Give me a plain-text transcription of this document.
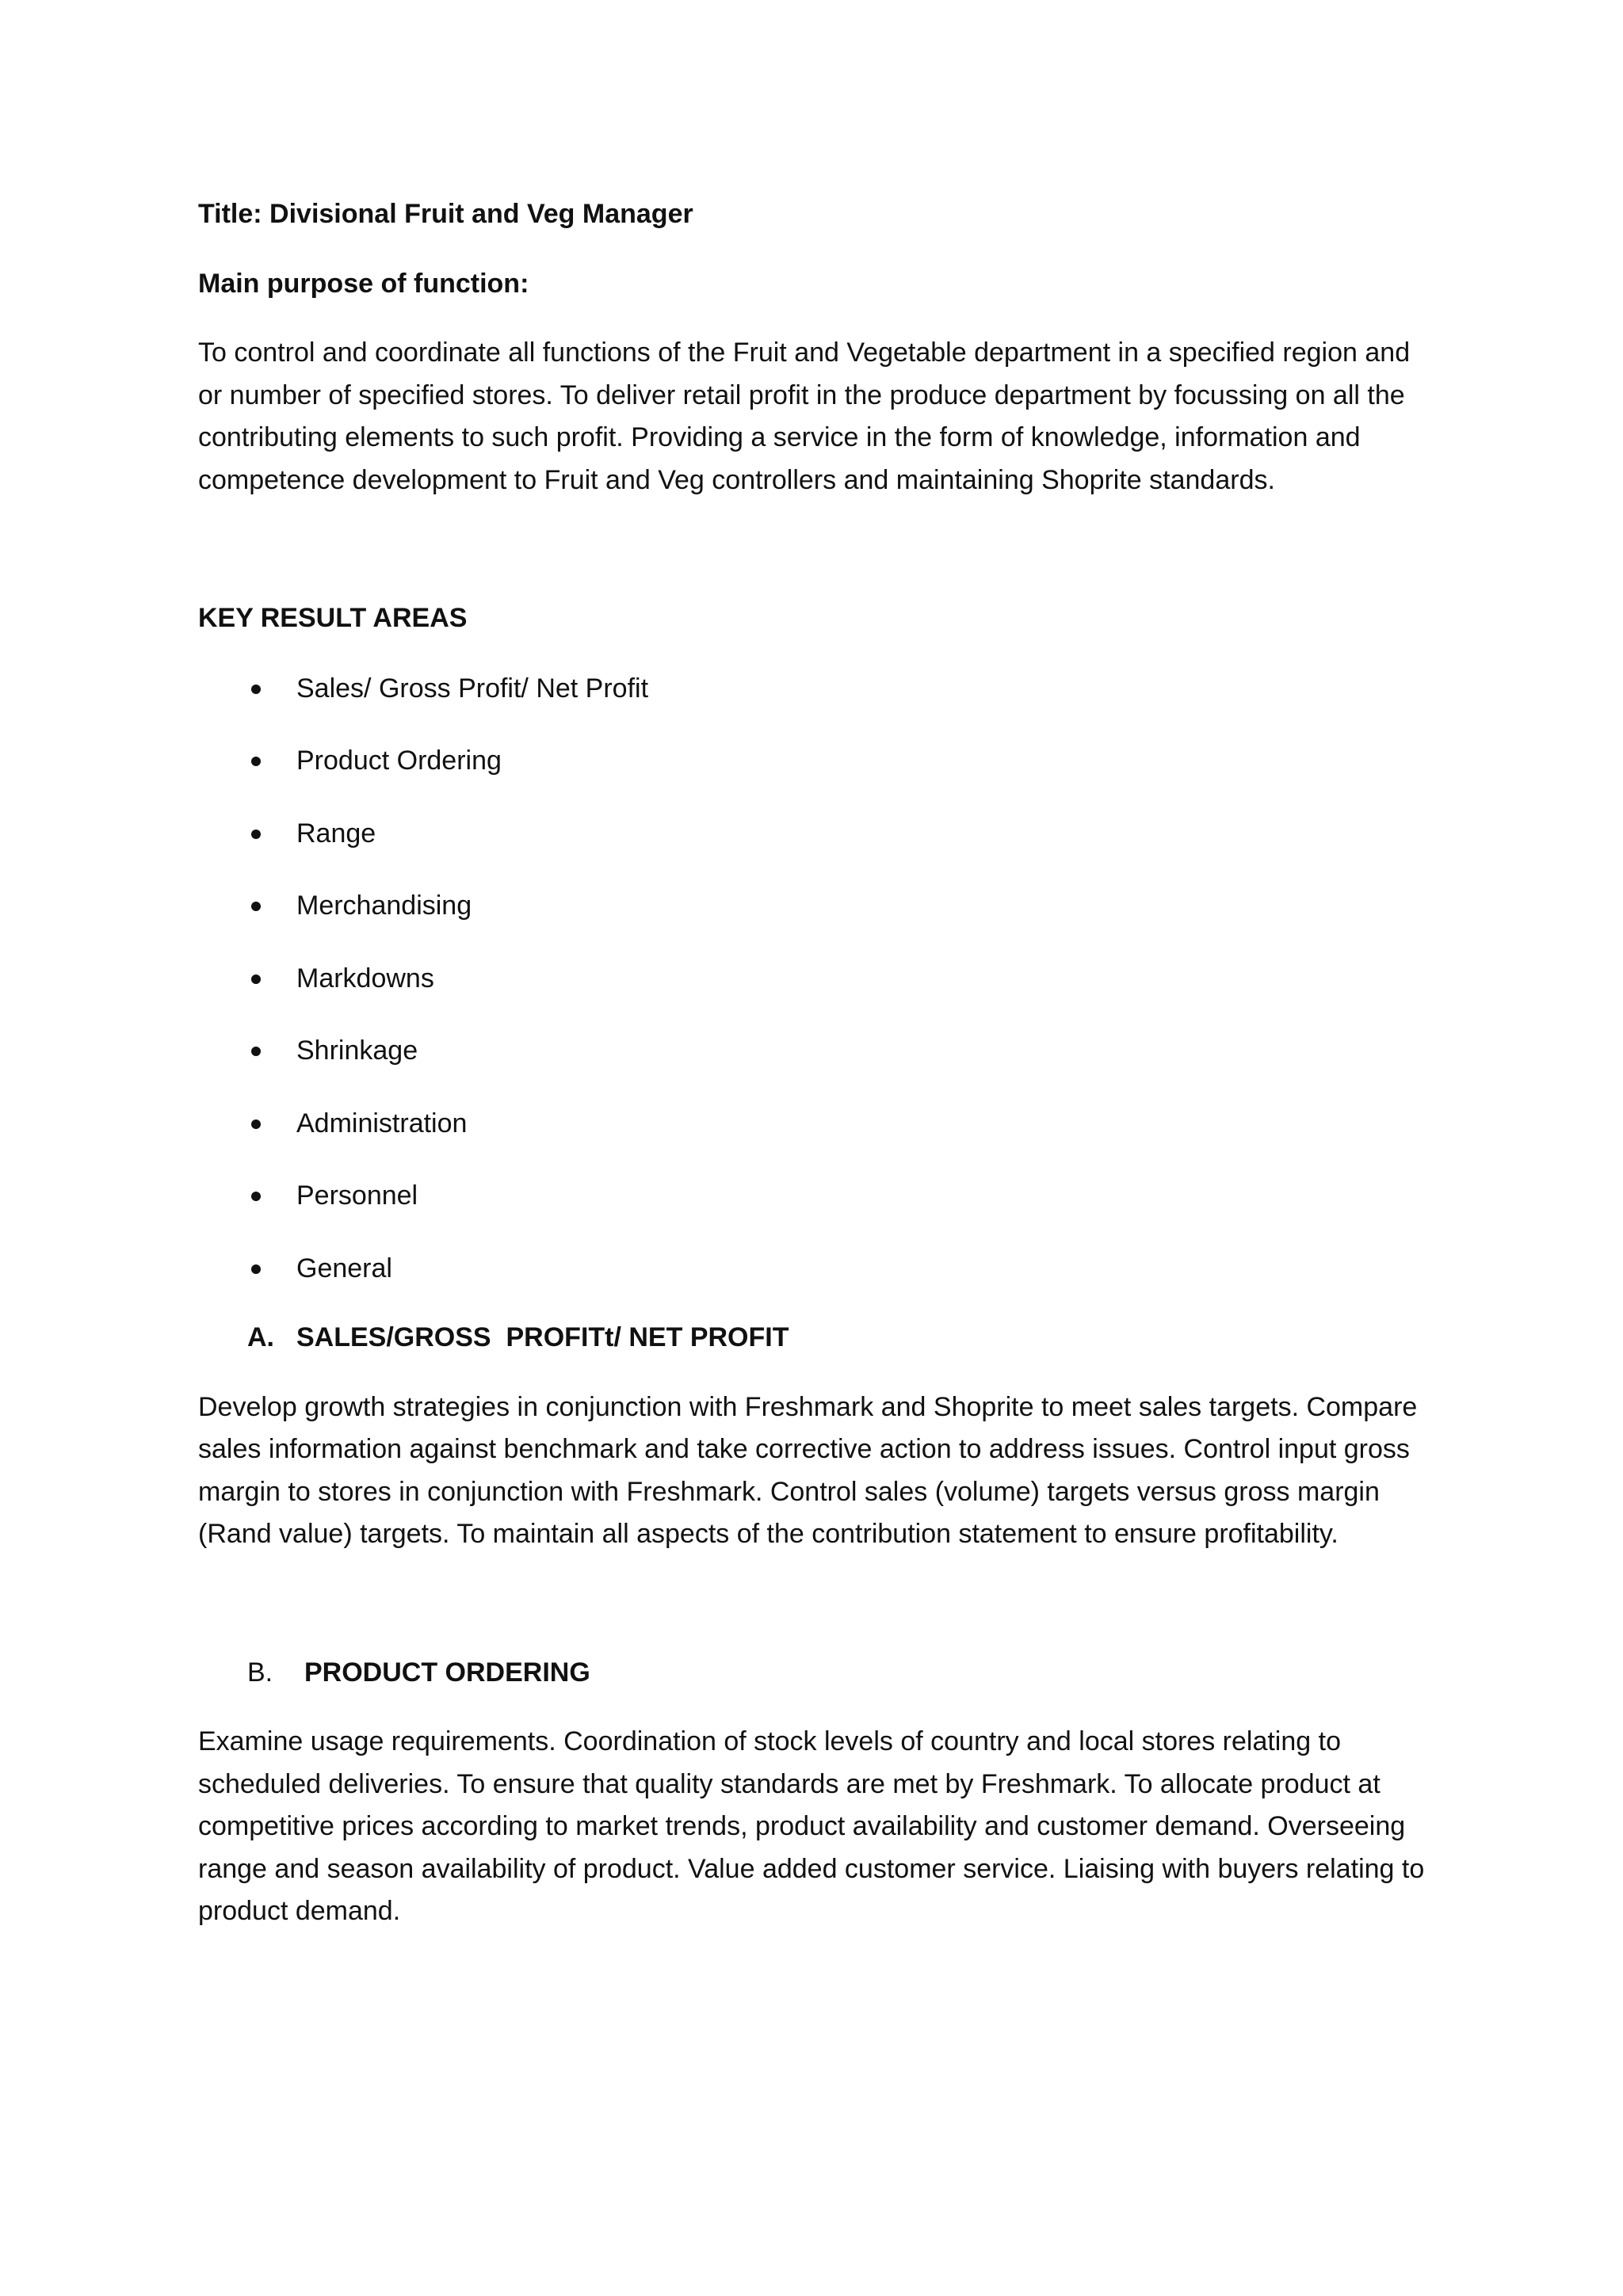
Title: Divisional Fruit and Veg Manager

Main purpose of function:

To control and coordinate all functions of the Fruit and Vegetable department in a specified region and or number of specified stores. To deliver retail profit in the produce department by focussing on all the contributing elements to such profit. Providing a service in the form of knowledge, information and competence development to Fruit and Veg controllers and maintaining Shoprite standards.

KEY RESULT AREAS

Sales/ Gross Profit/ Net Profit
Product Ordering
Range
Merchandising
Markdowns
Shrinkage
Administration
Personnel
General
A. SALES/GROSS  PROFITt/ NET PROFIT

Develop growth strategies in conjunction with Freshmark and Shoprite to meet sales targets. Compare sales information against benchmark and take corrective action to address issues. Control input gross margin to stores in conjunction with Freshmark. Control sales (volume) targets versus gross margin (Rand value) targets. To maintain all aspects of the contribution statement to ensure profitability.

B. PRODUCT ORDERING

Examine usage requirements. Coordination of stock levels of country and local stores relating to scheduled deliveries. To ensure that quality standards are met by Freshmark. To allocate product at competitive prices according to market trends, product availability and customer demand. Overseeing range and season availability of product. Value added customer service. Liaising with buyers relating to product demand.
